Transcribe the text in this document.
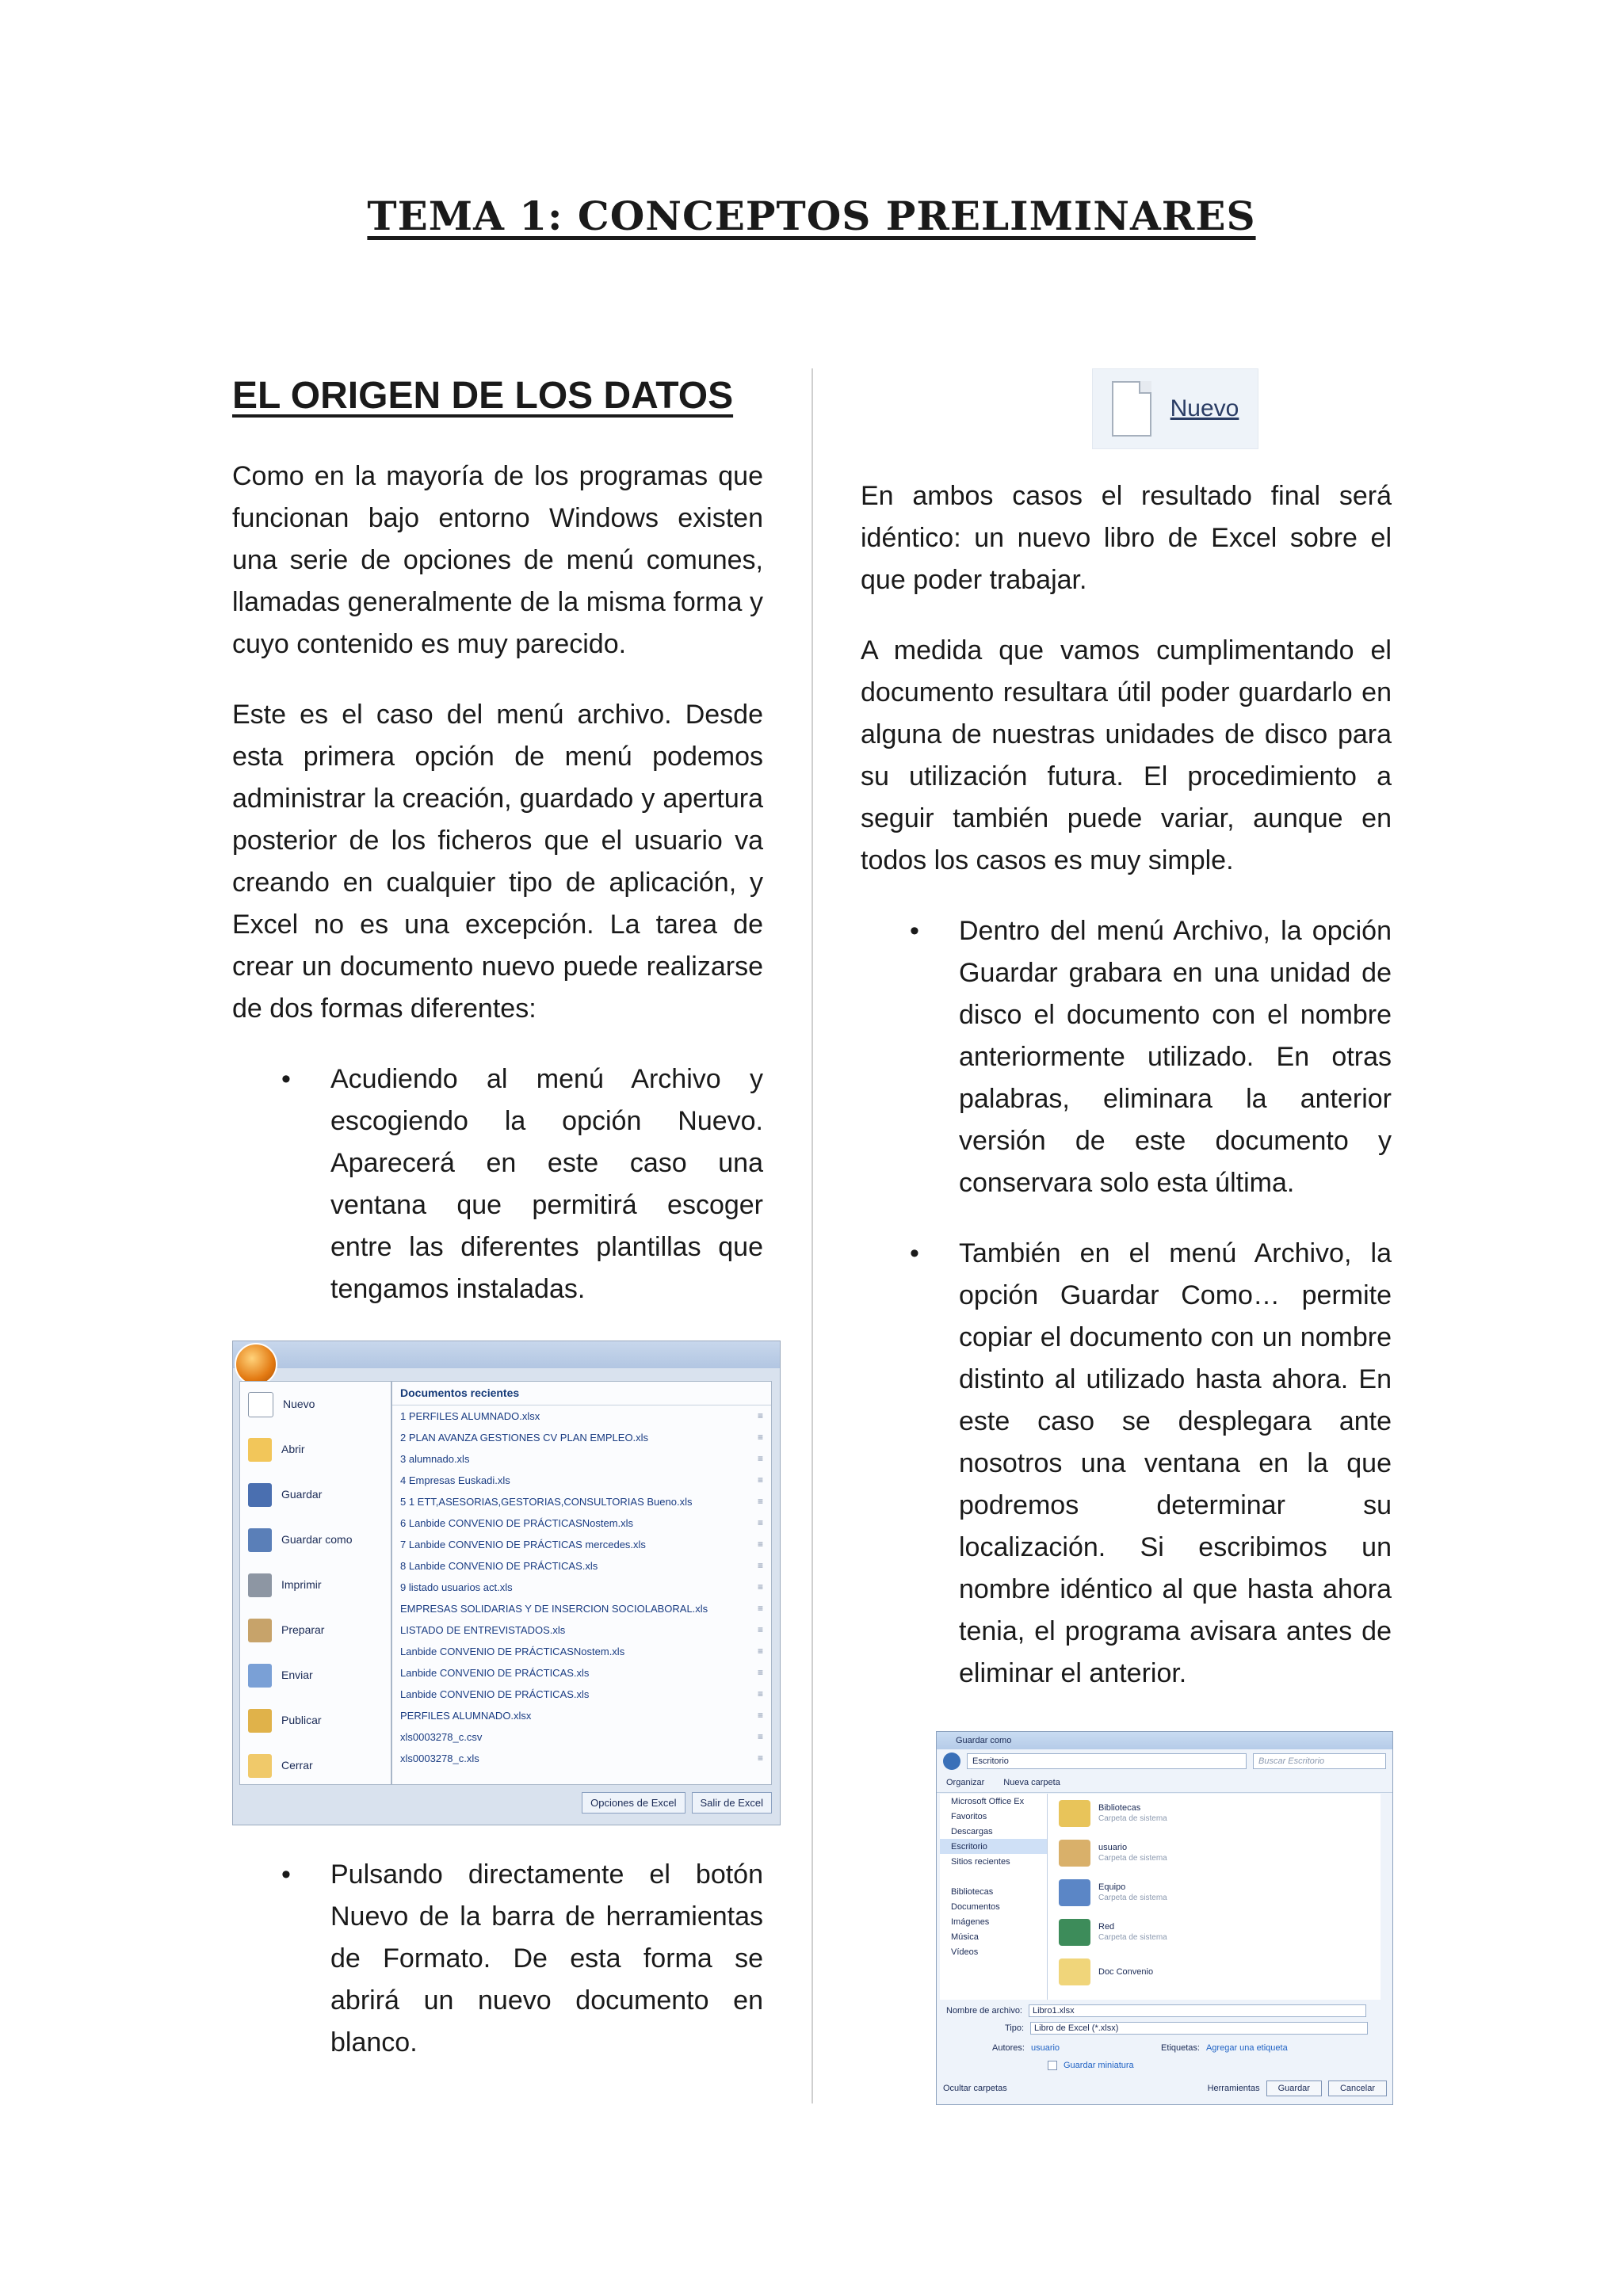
TEMA 1: CONCEPTOS PRELIMINARES
EL ORIGEN DE LOS DATOS

Como en la mayoría de los programas que funcionan bajo entorno Windows existen una serie de opciones de menú comunes, llamadas generalmente de la misma forma y cuyo contenido es muy parecido.

Este es el caso del menú archivo. Desde esta primera opción de menú podemos administrar la creación, guardado y apertura posterior de los ficheros que el usuario va creando en cualquier tipo de aplicación, y Excel no es una excepción. La tarea de crear un documento nuevo puede realizarse de dos formas diferentes:

• Acudiendo al menú Archivo y escogiendo la opción Nuevo. Aparecerá en este caso una ventana que permitirá escoger entre las diferentes plantillas que tengamos instaladas.
Nuevo
Abrir
Guardar
Guardar como
Imprimir
Preparar
Enviar
Publicar
Cerrar
Documentos recientes
1 PERFILES ALUMNADO.xlsx	≡
2 PLAN AVANZA GESTIONES CV PLAN EMPLEO.xls	≡
3 alumnado.xls	≡
4 Empresas Euskadi.xls	≡
5 1 ETT,ASESORIAS,GESTORIAS,CONSULTORIAS Bueno.xls	≡
6 Lanbide CONVENIO DE PRÁCTICASNostem.xls	≡
7 Lanbide CONVENIO DE PRÁCTICAS mercedes.xls	≡
8 Lanbide CONVENIO DE PRÁCTICAS.xls	≡
9 listado usuarios act.xls	≡
EMPRESAS SOLIDARIAS Y DE INSERCION SOCIOLABORAL.xls	≡
LISTADO DE ENTREVISTADOS.xls	≡
Lanbide CONVENIO DE PRÁCTICASNostem.xls	≡
Lanbide CONVENIO DE PRÁCTICAS.xls	≡
Lanbide CONVENIO DE PRÁCTICAS.xls	≡
PERFILES ALUMNADO.xlsx	≡
xls0003278_c.csv	≡
xls0003278_c.xls	≡
Opciones de Excel	Salir de Excel
• Pulsando directamente el botón Nuevo de la barra de herramientas de Formato. De esta forma se abrirá un nuevo documento en blanco.
Nuevo

En ambos casos el resultado final será idéntico: un nuevo libro de Excel sobre el que poder trabajar.

A medida que vamos cumplimentando el documento resultara útil poder guardarlo en alguna de nuestras unidades de disco para su utilización futura. El procedimiento a seguir también puede variar, aunque en todos los casos es muy simple.

• Dentro del menú Archivo, la opción Guardar grabara en una unidad de disco el documento con el nombre anteriormente utilizado. En otras palabras, eliminara la anterior versión de este documento y conservara solo esta última.
• También en el menú Archivo, la opción Guardar Como… permite copiar el documento con un nombre distinto al utilizado hasta ahora. En este caso se desplegara ante nosotros una ventana en la que podremos determinar su localización. Si escribimos un nombre idéntico al que hasta ahora tenia, el programa avisara antes de eliminar el anterior.
Guardar como
Escritorio	Buscar Escritorio
Organizar Nueva carpeta
Microsoft Office Ex
Favoritos
Descargas
Escritorio
Sitios recientes
Bibliotecas
Documentos
Imágenes
Música
Vídeos
Bibliotecas
Carpeta de sistema
usuario
Carpeta de sistema
Equipo
Carpeta de sistema
Red
Carpeta de sistema
Doc Convenio
Nombre de archivo:	Libro1.xlsx
Tipo:	Libro de Excel (*.xlsx)
Autores: usuario	Etiquetas: Agregar una etiqueta
Guardar miniatura
Ocultar carpetas	Herramientas	Guardar	Cancelar
